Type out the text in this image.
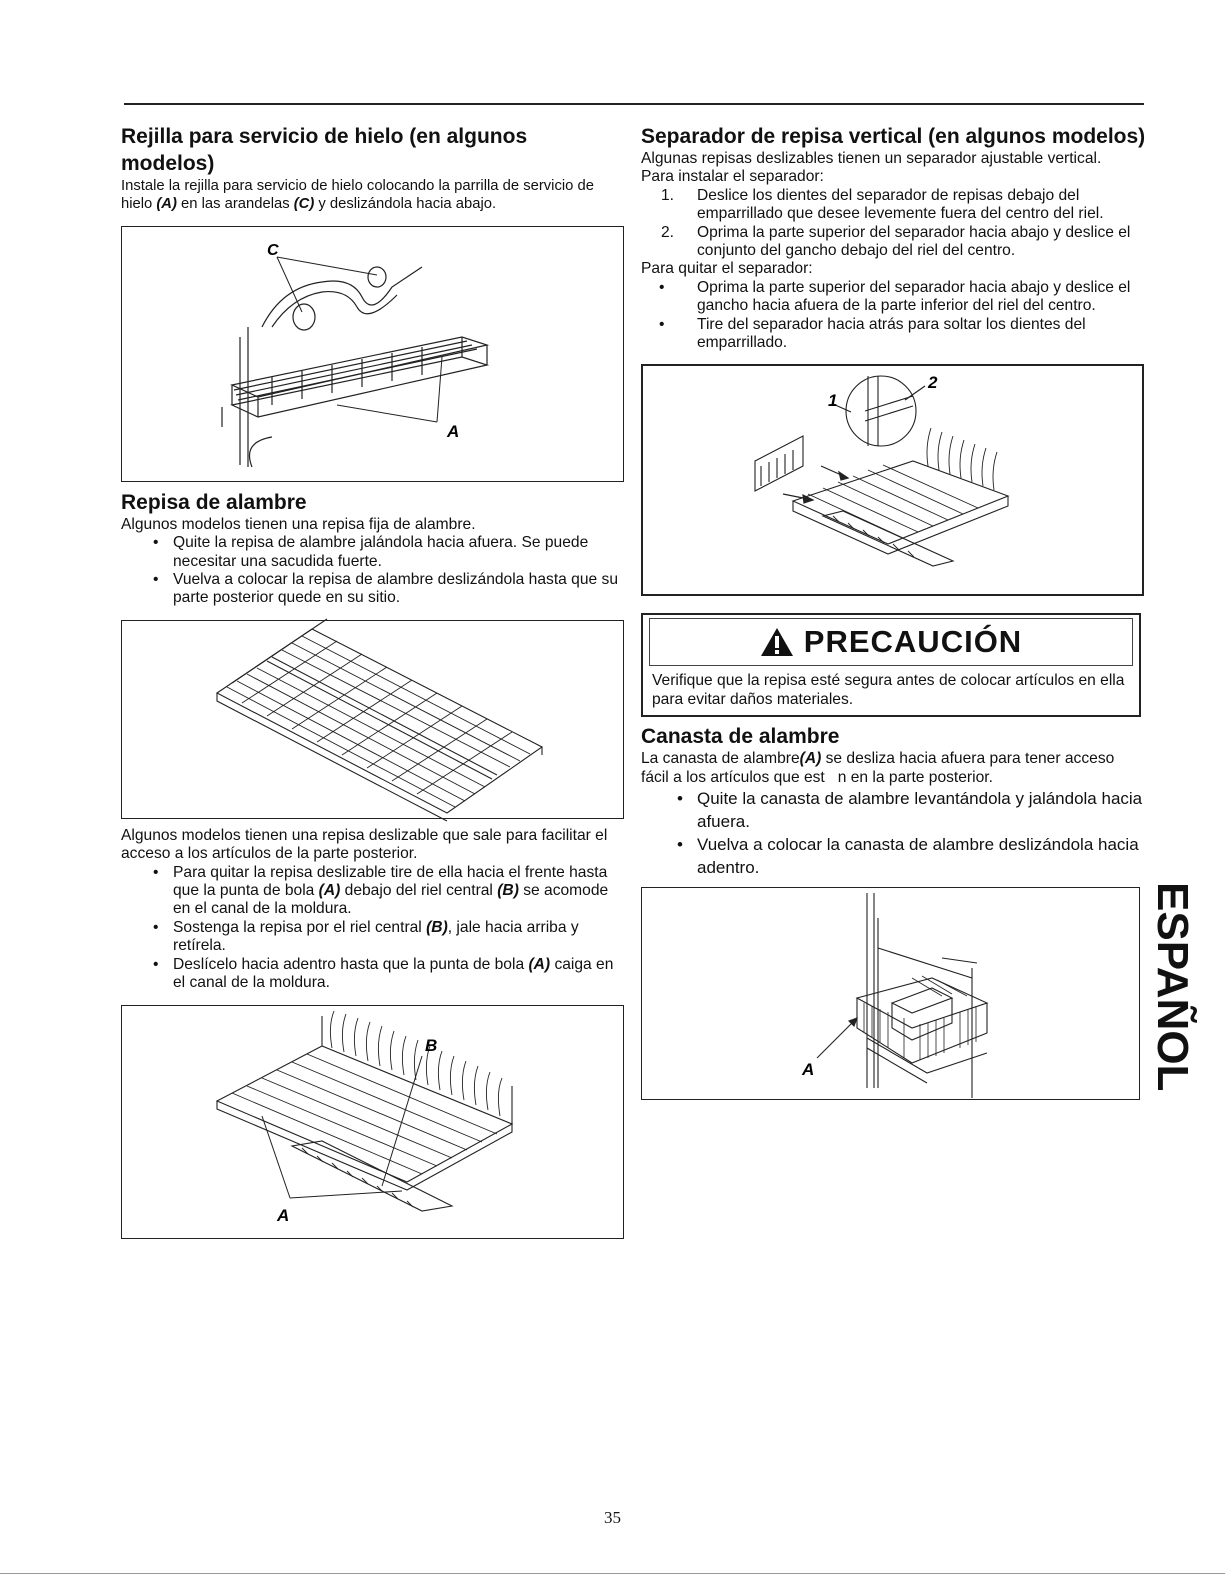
Rejilla para servicio de hielo (en algunos modelos)

Instale la rejilla para servicio de hielo colocando la parrilla de servicio de hielo (A) en las arandelas (C) y deslizándola hacia abajo.

C
A
Repisa de alambre

Algunos modelos tienen una repisa fija de alambre.

• Quite la repisa de alambre jalándola hacia afuera. Se puede necesitar una sacudida fuerte.
• Vuelva a colocar la repisa de alambre deslizándola hasta que su parte posterior quede en su sitio.

Algunos modelos tienen una repisa deslizable que sale para facilitar el acceso a los artículos de la parte posterior.

• Para quitar la repisa deslizable tire de ella hacia el frente hasta que la punta de bola (A) debajo del riel central (B) se acomode en el canal de la moldura.
• Sostenga la repisa por el riel central (B), jale hacia arriba y retírela.
• Deslícelo hacia adentro hasta que la punta de bola (A) caiga en el canal de la moldura.
B
A
Separador de repisa vertical (en algunos modelos)

Algunas repisas deslizables tienen un separador ajustable vertical.

Para instalar el separador:

1. Deslice los dientes del separador de repisas debajo del emparrillado que desee levemente fuera del centro del riel.
2. Oprima la parte superior del separador hacia abajo y deslice el conjunto del gancho debajo del riel del centro.

Para quitar el separador:

• Oprima la parte superior del separador hacia abajo y deslice el gancho hacia afuera de la parte inferior del riel del centro.
• Tire del separador hacia atrás para soltar los dientes del emparrillado.
1
2
PRECAUCIÓN

Verifique que la repisa esté segura antes de colocar artículos en ella para evitar daños materiales.

Canasta de alambre

La canasta de alambre(A) se desliza hacia afuera para tener acceso fácil a los artículos que est   n en la parte posterior.

• Quite la canasta de alambre levantándola y jalándola hacia afuera.
• Vuelva a colocar la canasta de alambre deslizándola hacia adentro.
A	ESPAÑOL
35
